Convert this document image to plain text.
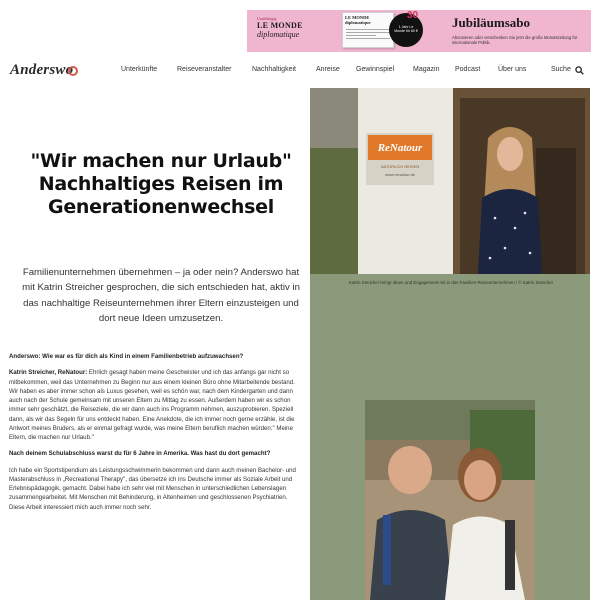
Unabhängig
LE MONDE
diplomatique
LE MONDE diplomatique
1 Jahr Le Monde für 60 €
30	Jubiläumsabo
Abonnieren oder verschenken Sie jetzt die große Monatszeitung für internationale Politik.
Anderswo	Unterkünfte	Reiseveranstalter	Nachhaltigkeit	Anreise Gewinnspiel	Magazin Podcast	Über uns	Suche
ReNatour
NATÜRLICH REISEN
www.renatour.de
Katrin Streicher bringt Ideen und Engagement mit in das Familien-Reiseunternehmen / © Katrin Streicher
"Wir machen nur Urlaub"
Nachhaltiges Reisen im
Generationenwechsel
Familienunternehmen übernehmen – ja oder nein? Anderswo hat mit Katrin Streicher gesprochen, die sich entschieden hat, aktiv in das nachhaltige Reiseunternehmen ihrer Eltern einzusteigen und dort neue Ideen umzusetzen.
Anderswo: Wie war es für dich als Kind in einem Familienbetrieb aufzuwachsen?
Katrin Streicher, ReNatour: Ehrlich gesagt haben meine Geschwister und ich das anfangs gar nicht so mitbekommen, weil das Unternehmen zu Beginn nur aus einem kleinen Büro ohne Mitarbeitende bestand. Wir haben es aber immer schon als Luxus gesehen, weil es schön war, nach dem Kindergarten und dann auch nach der Schule gemeinsam mit unseren Eltern zu Mittag zu essen. Außerdem haben wir es schon immer sehr geschätzt, die Reiseziele, die wir dann auch ins Programm nehmen, auszuprobieren. Speziell dann, als wir das Segeln für uns entdeckt haben. Eine Anekdote, die ich immer noch gerne erzähle, ist die Antwort meines Bruders, als er einmal gefragt wurde, was meine Eltern beruflich machen würden:" Meine Eltern, die machen nur Urlaub."
Nach deinem Schulabschluss warst du für 6 Jahre in Amerika. Was hast du dort gemacht?
Ich habe ein Sportstipendium als Leistungsschwimmerin bekommen und dann auch meinen Bachelor- und Masterabschluss in „Recreational Therapy", das übersetze ich ins Deutsche immer als Soziale Arbeit und Erlebnispädagogik, gemacht. Dabei habe ich sehr viel mit Menschen in unterschiedlichen Lebenslagen zusammengearbeitet. Mit Menschen mit Behinderung, in Altenheimen und geschlossenen Psychiatrien. Diese Arbeit interessiert mich auch immer noch sehr.
